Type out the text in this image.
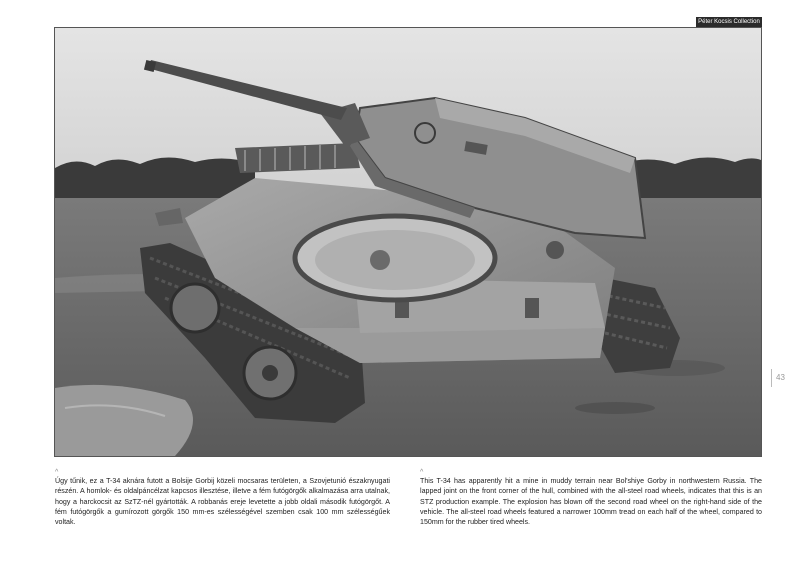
Péter Kocsis Collection
43
^
Úgy tűnik, ez a T-34 aknára futott a Bolsije Gorbij közeli mocsaras területen, a Szovjetunió északnyugati részén. A homlok- és oldalpáncélzat kapcsos illesztése, illetve a fém futógörgők alkalmazása arra utalnak, hogy a harckocsit az SzTZ-nél gyártották. A robbanás ereje levetette a jobb oldali második futógörgőt. A fém futógörgők a gumírozott görgők 150 mm-es szélességével szemben csak 100 mm szélességűek voltak.
^
This T-34 has apparently hit a mine in muddy terrain near Bol'shiye Gorby in northwestern Russia. The lapped joint on the front corner of the hull, combined with the all-steel road wheels, indicates that this is an STZ production example. The explosion has blown off the second road wheel on the right-hand side of the vehicle. The all-steel road wheels featured a narrower 100mm tread on each half of the wheel, compared to 150mm for the rubber tired wheels.
